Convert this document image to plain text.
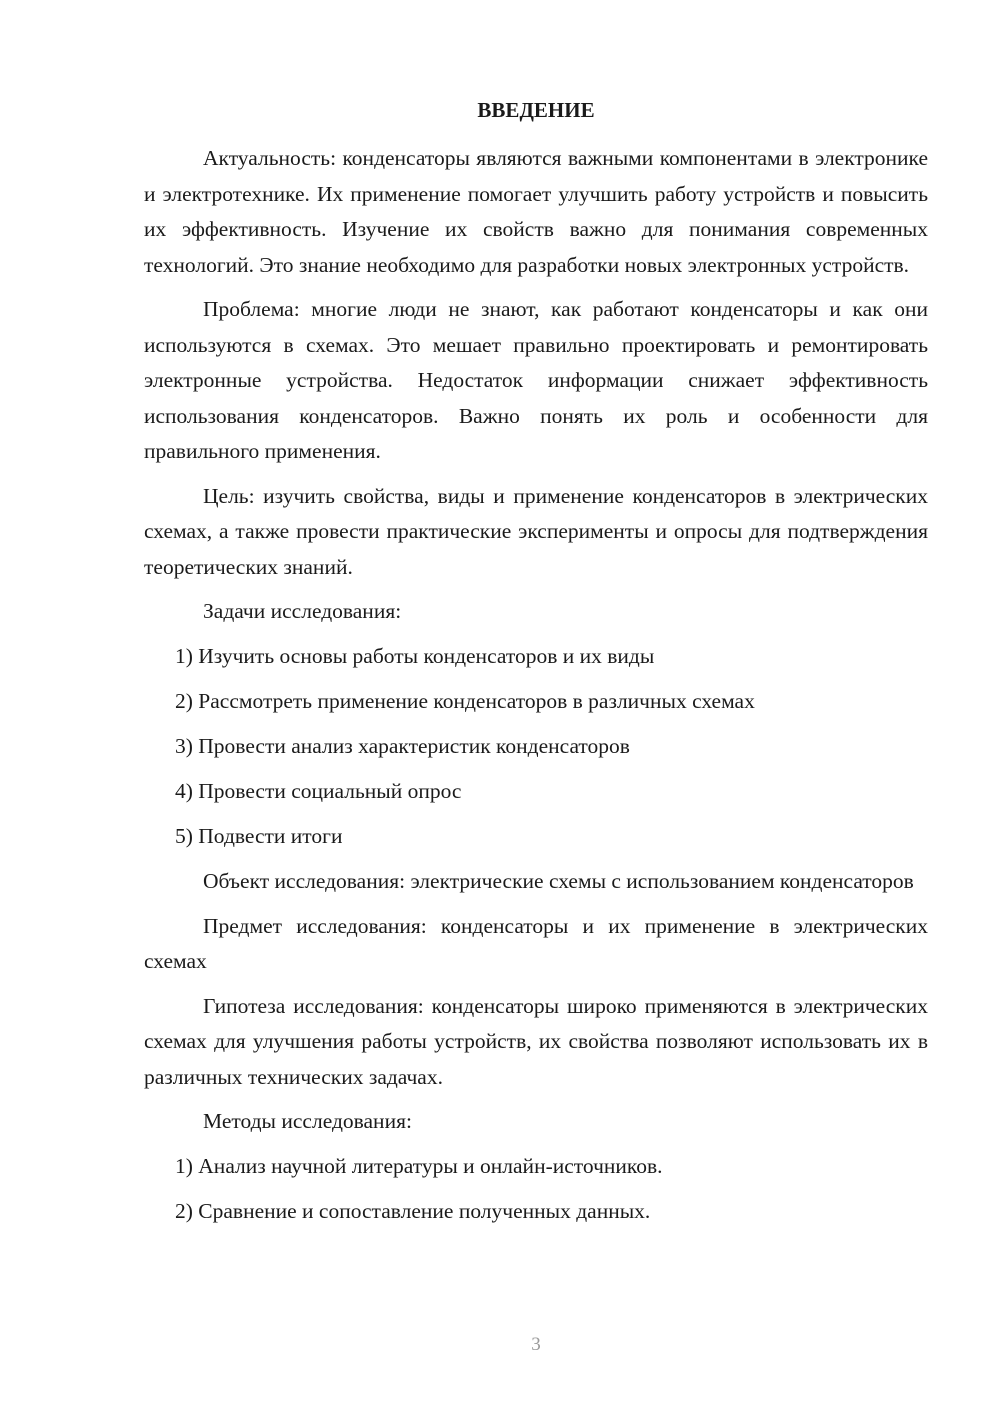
ВВЕДЕНИЕ

Актуальность: конденсаторы являются важными компонентами в электронике и электротехнике. Их применение помогает улучшить работу устройств и повысить их эффективность. Изучение их свойств важно для понимания современных технологий. Это знание необходимо для разработки новых электронных устройств.

Проблема: многие люди не знают, как работают конденсаторы и как они используются в схемах. Это мешает правильно проектировать и ремонтировать электронные устройства. Недостаток информации снижает эффективность использования конденсаторов. Важно понять их роль и особенности для правильного применения.

Цель: изучить свойства, виды и применение конденсаторов в электрических схемах, а также провести практические эксперименты и опросы для подтверждения теоретических знаний.

Задачи исследования:

1) Изучить основы работы конденсаторов и их виды

2) Рассмотреть применение конденсаторов в различных схемах

3) Провести анализ характеристик конденсаторов

4) Провести социальный опрос

5) Подвести итоги

Объект исследования: электрические схемы с использованием конденсаторов

Предмет исследования: конденсаторы и их применение в электрических схемах

Гипотеза исследования: конденсаторы широко применяются в электрических схемах для улучшения работы устройств, их свойства позволяют использовать их в различных технических задачах.

Методы исследования:

1) Анализ научной литературы и онлайн-источников.

2) Сравнение и сопоставление полученных данных.

3
